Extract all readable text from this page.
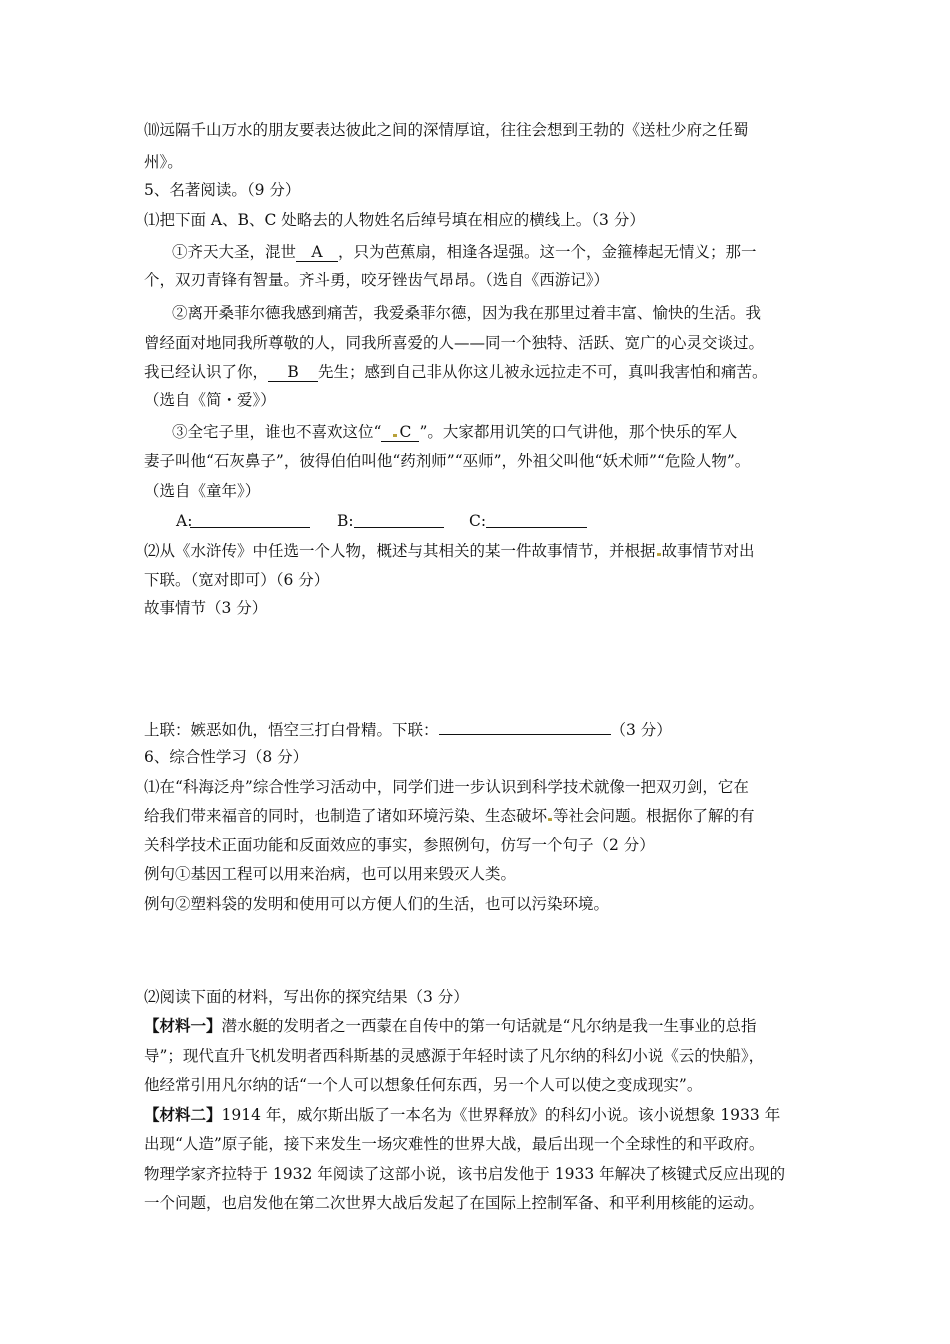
⑽远隔千山万水的朋友要表达彼此之间的深情厚谊，往往会想到王勃的《送杜少府之任蜀
州》。
5、名著阅读。（9 分）
⑴把下面 A、B、C 处略去的人物姓名后绰号填在相应的横线上。（3 分）
①齐天大圣，混世 A ，只为芭蕉扇，相逢各逞强。这一个，金箍棒起无情义；那一
个，双刃青锋有智量。齐斗勇，咬牙锉齿气昂昂。（选自《西游记》）
②离开桑菲尔德我感到痛苦，我爱桑菲尔德，因为我在那里过着丰富、愉快的生活。我
曾经面对地同我所尊敬的人，同我所喜爱的人——同一个独特、活跃、宽广的心灵交谈过。
我已经认识了你， B 先生；感到自己非从你这儿被永远拉走不可，真叫我害怕和痛苦。
（选自《简・爱》）
③全宅子里，谁也不喜欢这位“ C ”。大家都用讥笑的口气讲他，那个快乐的军人
妻子叫他“石灰鼻子”，彼得伯伯叫他“药剂师”“巫师”，外祖父叫他“妖术师”“危险人物”。
（选自《童年》）
A:	B:	C:
⑵从《水浒传》中任选一个人物，概述与其相关的某一件故事情节，并根据 故事情节对出
下联。（宽对即可）（6 分）
故事情节（3 分）
上联：嫉恶如仇，悟空三打白骨精。下联：	（3 分）
6、综合性学习（8 分）
⑴在“科海泛舟”综合性学习活动中，同学们进一步认识到科学技术就像一把双刃剑，它在
给我们带来福音的同时，也制造了诸如环境污染、生态破坏 等社会问题。根据你了解的有
关科学技术正面功能和反面效应的事实，参照例句，仿写一个句子（2 分）
例句①基因工程可以用来治病，也可以用来毁灭人类。
例句②塑料袋的发明和使用可以方便人们的生活，也可以污染环境。
⑵阅读下面的材料，写出你的探究结果（3 分）
【材料一】潜水艇的发明者之一西蒙在自传中的第一句话就是“凡尔纳是我一生事业的总指
导”；现代直升飞机发明者西科斯基的灵感源于年轻时读了凡尔纳的科幻小说《云的快船》，
他经常引用凡尔纳的话“一个人可以想象任何东西，另一个人可以使之变成现实”。
【材料二】1914 年，威尔斯出版了一本名为《世界释放》的科幻小说。该小说想象 1933 年
出现“人造”原子能，接下来发生一场灾难性的世界大战，最后出现一个全球性的和平政府。
物理学家齐拉特于 1932 年阅读了这部小说，该书启发他于 1933 年解决了核键式反应出现的
一个问题，也启发他在第二次世界大战后发起了在国际上控制军备、和平利用核能的运动。
